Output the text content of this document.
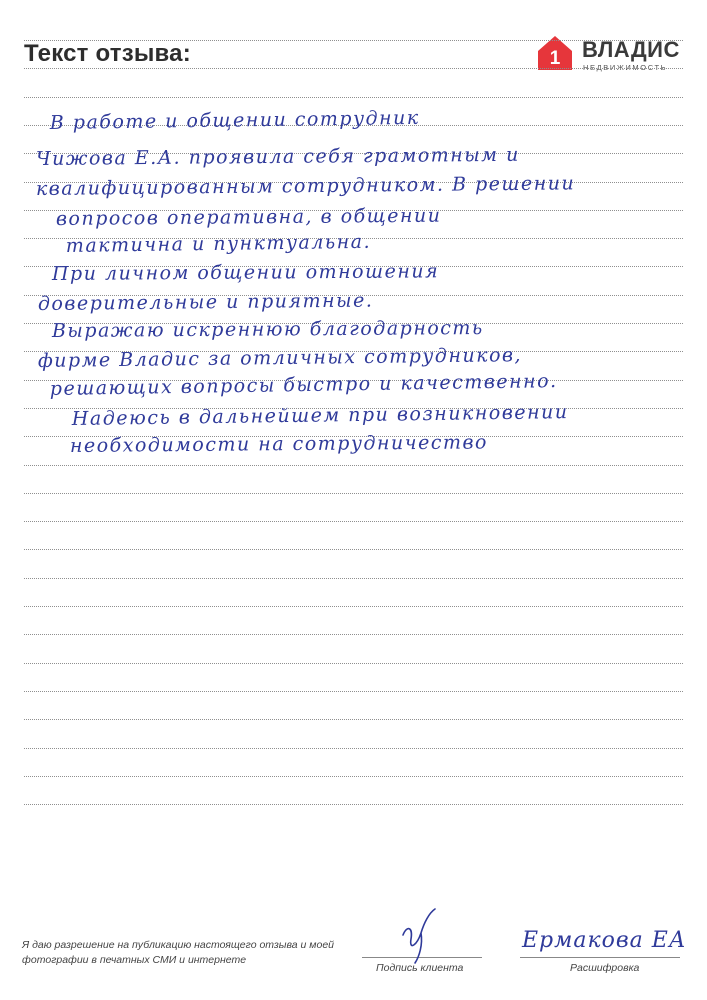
Текст отзыва:	1 ВЛАДИС
НЕДВИЖИМОСТЬ
В работе и общении сотрудник
Чижова Е.А. проявила себя грамотным и
квалифицированным сотрудником. В решении
вопросов оперативна, в общении
тактична и пунктуальна.
При личном общении отношения
доверительные и приятные.
Выражаю искреннюю благодарность
фирме Владис за отличных сотрудников,
решающих вопросы быстро и качественно.
Надеюсь в дальнейшем при возникновении
необходимости на сотрудничество
Я даю разрешение на публикацию настоящего отзыва и моей фотографии в печатных СМИ и интернете
Подпись клиента
Ермакова ЕА
Расшифровка
